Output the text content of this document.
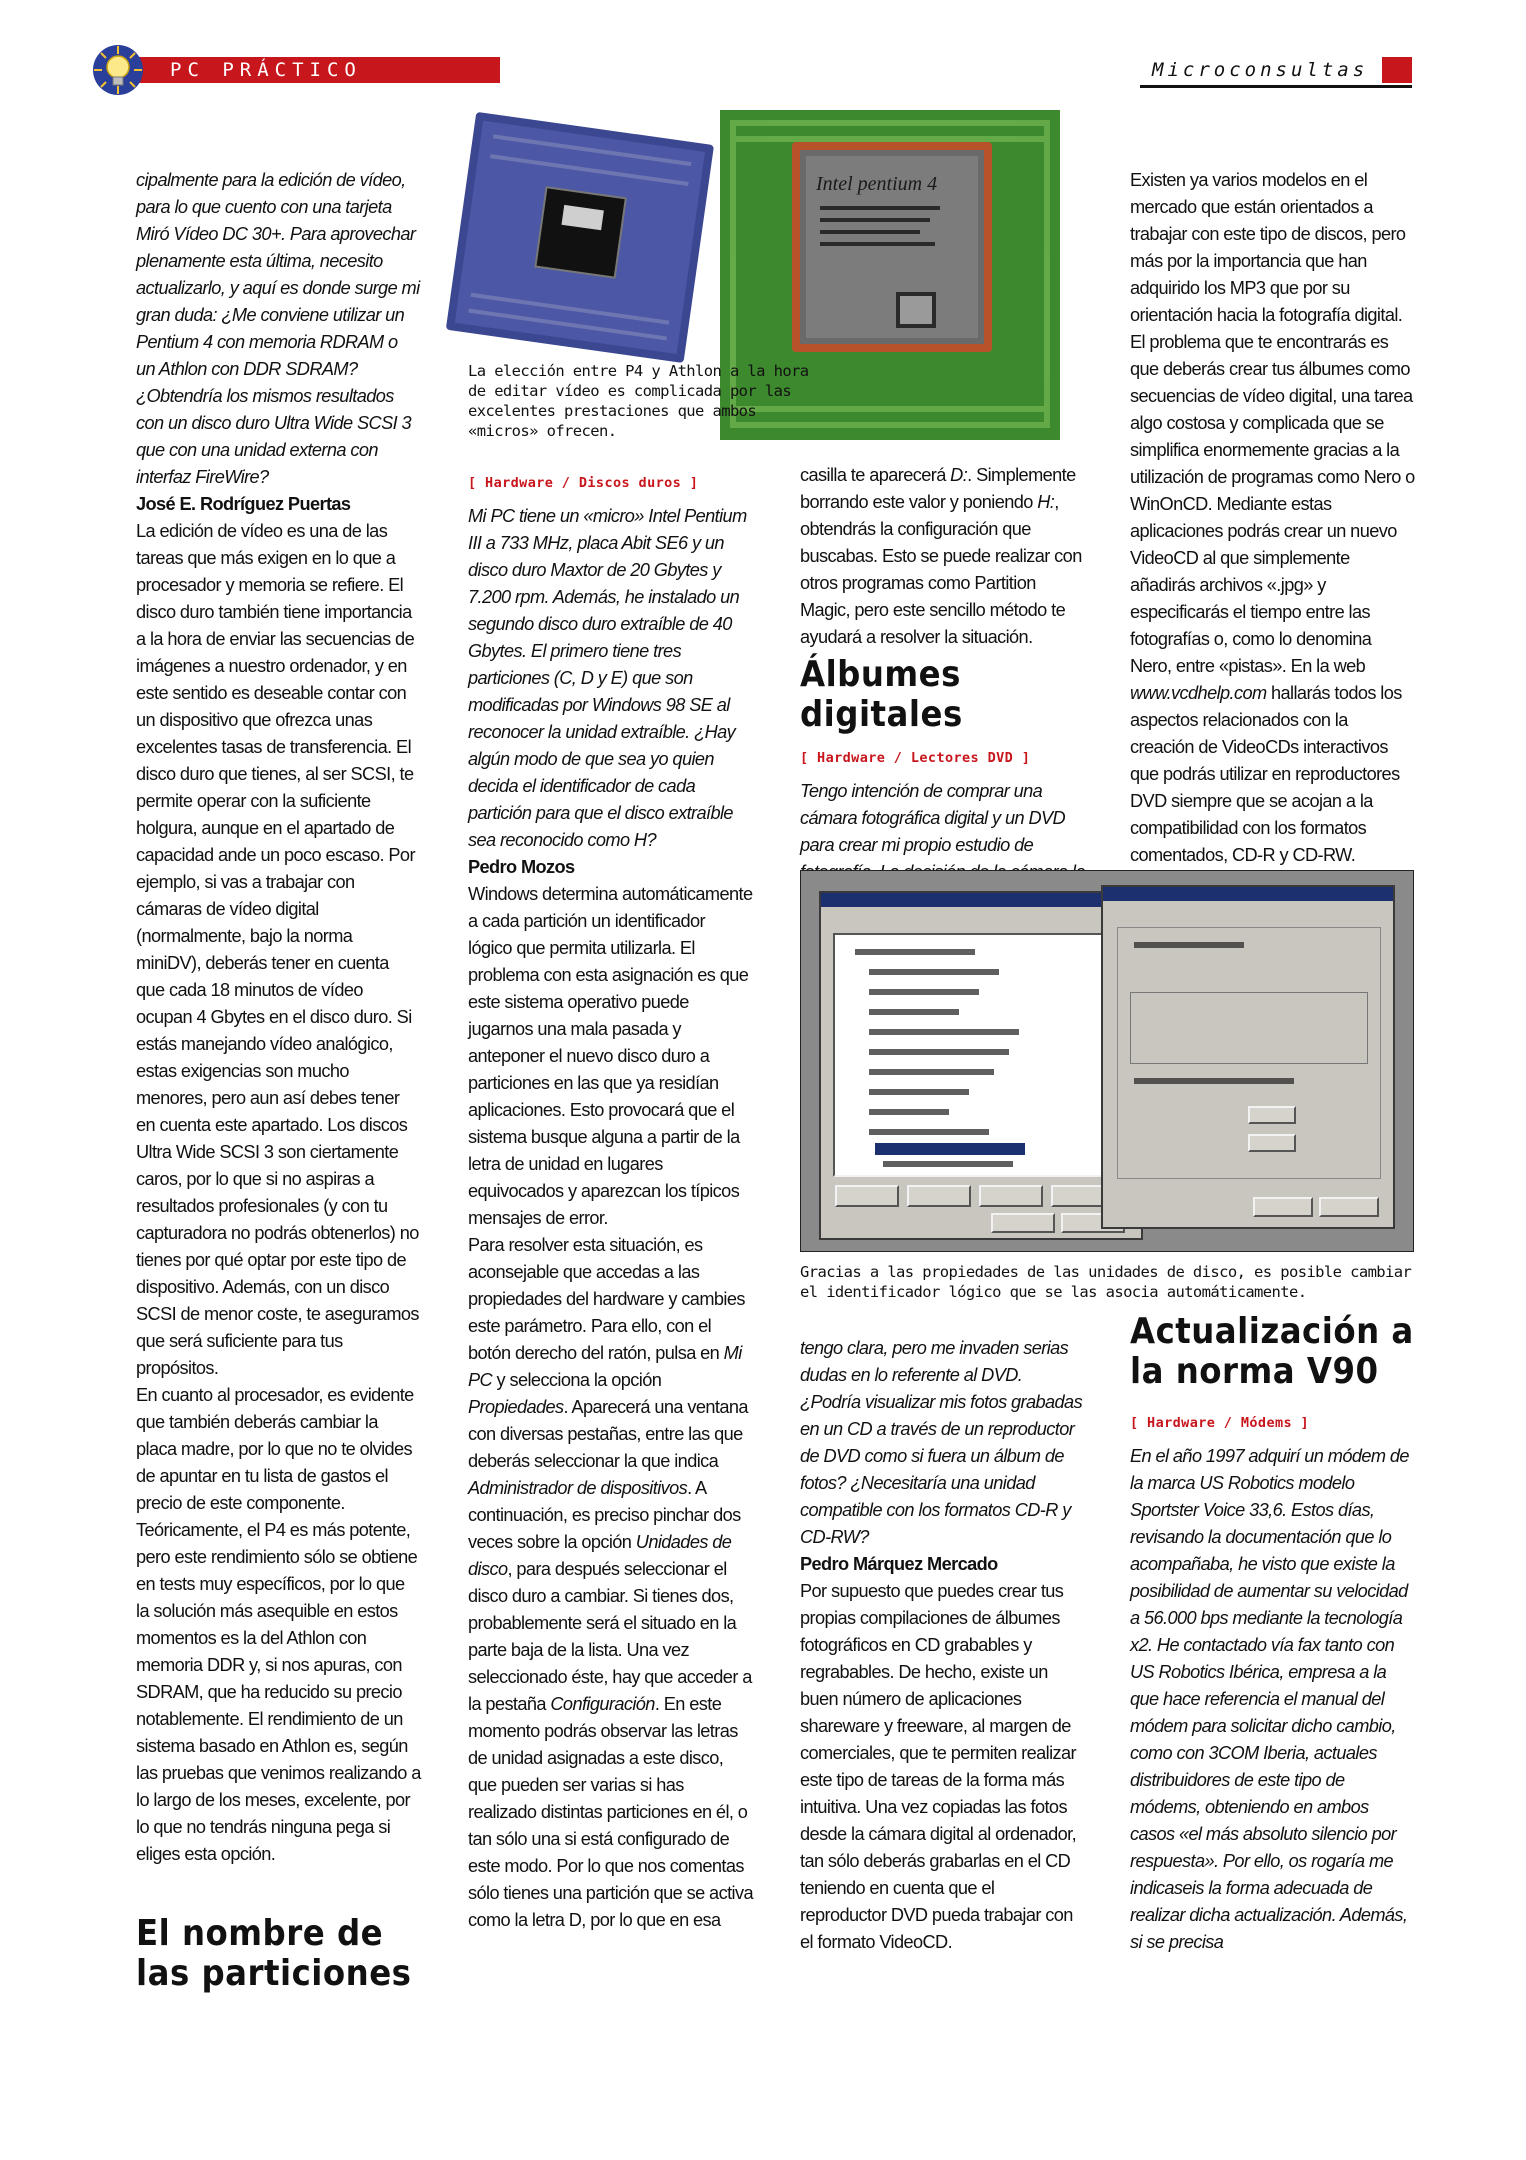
PC PRÁCTICO	Microconsultas
Intel pentium 4
La elección entre P4 y Athlon a la hora de editar vídeo es complicada por las excelentes prestaciones que ambos «micros» ofrecen.

cipalmente para la edición de vídeo, para lo que cuento con una tarjeta Miró Vídeo DC 30+. Para aprovechar plenamente esta última, necesito actualizarlo, y aquí es donde surge mi gran duda: ¿Me conviene utilizar un Pentium 4 con memoria RDRAM o un Athlon con DDR SDRAM? ¿Obtendría los mismos resultados con un disco duro Ultra Wide SCSI 3 que con una unidad externa con interfaz FireWire?

José E. Rodríguez Puertas

La edición de vídeo es una de las tareas que más exigen en lo que a procesador y memoria se refiere. El disco duro también tiene importancia a la hora de enviar las secuencias de imágenes a nuestro ordenador, y en este sentido es deseable contar con un dispositivo que ofrezca unas excelentes tasas de transferencia. El disco duro que tienes, al ser SCSI, te permite operar con la suficiente holgura, aunque en el apartado de capacidad ande un poco escaso. Por ejemplo, si vas a trabajar con cámaras de vídeo digital (normalmente, bajo la norma miniDV), deberás tener en cuenta que cada 18 minutos de vídeo ocupan 4 Gbytes en el disco duro. Si estás manejando vídeo analógico, estas exigencias son mucho menores, pero aun así debes tener en cuenta este apartado. Los discos Ultra Wide SCSI 3 son ciertamente caros, por lo que si no aspiras a resultados profesionales (y con tu capturadora no podrás obtenerlos) no tienes por qué optar por este tipo de dispositivo. Además, con un disco SCSI de menor coste, te aseguramos que será suficiente para tus propósitos.

En cuanto al procesador, es evidente que también deberás cambiar la placa madre, por lo que no te olvides de apuntar en tu lista de gastos el precio de este componente. Teóricamente, el P4 es más potente, pero este rendimiento sólo se obtiene en tests muy específicos, por lo que la solución más asequible en estos momentos es la del Athlon con memoria DDR y, si nos apuras, con SDRAM, que ha reducido su precio notablemente. El rendimiento de un sistema basado en Athlon es, según las pruebas que venimos realizando a lo largo de los meses, excelente, por lo que no tendrás ninguna pega si eliges esta opción.

El nombre de las particiones

[ Hardware / Discos duros ]

Mi PC tiene un «micro» Intel Pentium III a 733 MHz, placa Abit SE6 y un disco duro Maxtor de 20 Gbytes y 7.200 rpm. Además, he instalado un segundo disco duro extraíble de 40 Gbytes. El primero tiene tres particiones (C, D y E) que son modificadas por Windows 98 SE al reconocer la unidad extraíble. ¿Hay algún modo de que sea yo quien decida el identificador de cada partición para que el disco extraíble sea reconocido como H?

Pedro Mozos

Windows determina automáticamente a cada partición un identificador lógico que permita utilizarla. El problema con esta asignación es que este sistema operativo puede jugarnos una mala pasada y anteponer el nuevo disco duro a particiones en las que ya residían aplicaciones. Esto provocará que el sistema busque alguna a partir de la letra de unidad en lugares equivocados y aparezcan los típicos mensajes de error.

Para resolver esta situación, es aconsejable que accedas a las propiedades del hardware y cambies este parámetro. Para ello, con el botón derecho del ratón, pulsa en Mi PC y selecciona la opción Propiedades. Aparecerá una ventana con diversas pestañas, entre las que deberás seleccionar la que indica Administrador de dispositivos. A continuación, es preciso pinchar dos veces sobre la opción Unidades de disco, para después seleccionar el disco duro a cambiar. Si tienes dos, probablemente será el situado en la parte baja de la lista. Una vez seleccionado éste, hay que acceder a la pestaña Configuración. En este momento podrás observar las letras de unidad asignadas a este disco, que pueden ser varias si has realizado distintas particiones en él, o tan sólo una si está configurado de este modo. Por lo que nos comentas sólo tienes una partición que se activa como la letra D, por lo que en esa

casilla te aparecerá D:. Simplemente borrando este valor y poniendo H:, obtendrás la configuración que buscabas. Esto se puede realizar con otros programas como Partition Magic, pero este sencillo método te ayudará a resolver la situación.

Álbumes digitales

[ Hardware / Lectores DVD ]

Tengo intención de comprar una cámara fotográfica digital y un DVD para crear mi propio estudio de

Existen ya varios modelos en el mercado que están orientados a trabajar con este tipo de discos, pero más por la importancia que han adquirido los MP3 que por su orientación hacia la fotografía digital. El problema que te encontrarás es que deberás crear tus álbumes como secuencias de vídeo digital, una tarea algo costosa y complicada que se simplifica enormemente gracias a la utilización de programas como Nero o WinOnCD. Mediante estas aplicaciones podrás crear un nuevo VideoCD al que simplemente añadirás archivos «.jpg» y especificarás el tiempo entre las fotografías o, como lo denomina Nero, entre «pistas». En la web www.vcdhelp.com hallarás todos los aspectos relacionados con la creación de VideoCDs interactivos que podrás utilizar en reproductores DVD siempre que se acojan a la compatibilidad con los formatos comentados, CD-R y CD-RW.

Gracias a las propiedades de las unidades de disco, es posible cambiar el identificador lógico que se las asocia automáticamente.

tengo clara, pero me invaden serias dudas en lo referente al DVD. ¿Podría visualizar mis fotos grabadas en un CD a través de un reproductor de DVD como si fuera un álbum de fotos? ¿Necesitaría una unidad compatible con los formatos CD-R y CD-RW?

Pedro Márquez Mercado

Por supuesto que puedes crear tus propias compilaciones de álbumes fotográficos en CD grabables y regrabables. De hecho, existe un buen número de aplicaciones shareware y freeware, al margen de comerciales, que te permiten realizar este tipo de tareas de la forma más intuitiva. Una vez copiadas las fotos desde la cámara digital al ordenador, tan sólo deberás grabarlas en el CD teniendo en cuenta que el reproductor DVD pueda trabajar con el formato VideoCD.

Actualización a la norma V90

[ Hardware / Módems ]

En el año 1997 adquirí un módem de la marca US Robotics modelo Sportster Voice 33,6. Estos días, revisando la documentación que lo acompañaba, he visto que existe la posibilidad de aumentar su velocidad a 56.000 bps mediante la tecnología x2. He contactado vía fax tanto con US Robotics Ibérica, empresa a la que hace referencia el manual del módem para solicitar dicho cambio, como con 3COM Iberia, actuales distribuidores de este tipo de módems, obteniendo en ambos casos «el más absoluto silencio por respuesta». Por ello, os rogaría me indicaseis la forma adecuada de realizar dicha actualización. Además, si se precisa
